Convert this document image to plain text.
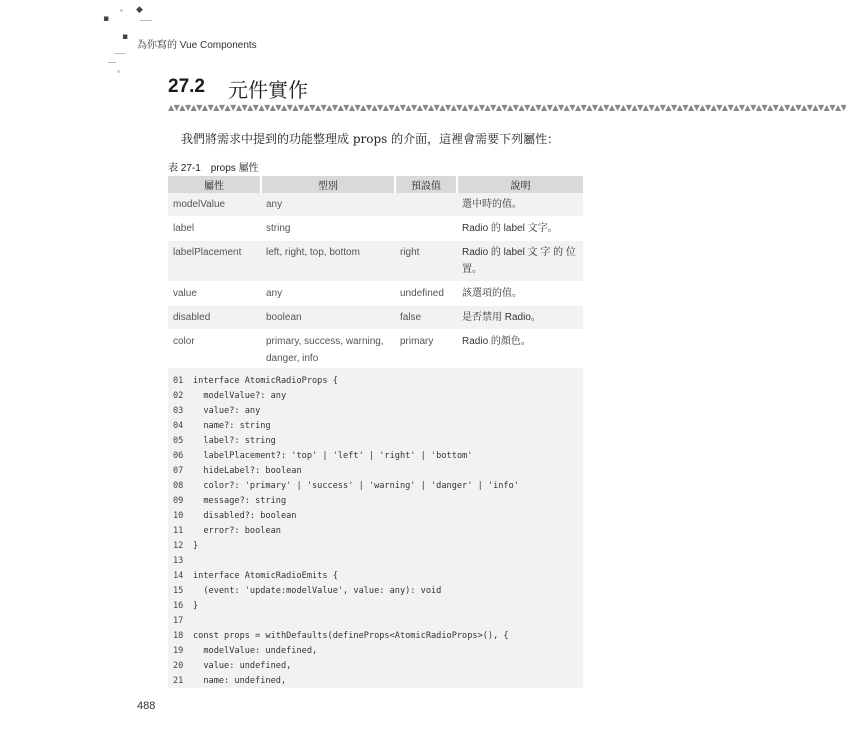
◆
▪
▪
為你寫的 Vue Components
27.2 元件實作
▲▼▲▼▲▼▲▼▲▼▲▼▲▼▲▼▲▼▲▼▲▼▲▼▲▼▲▼▲▼▲▼▲▼▲▼▲▼▲▼▲▼▲▼▲▼▲▼▲▼▲▼▲▼▲▼▲▼▲▼▲▼▲▼▲▼▲▼▲▼▲▼▲▼▲▼▲▼▲▼▲▼▲▼▲▼▲▼▲▼▲▼▲▼▲▼▲▼▲▼▲▼▲▼▲▼▲▼▲▼▲▼▲▼▲▼▲▼▲▼
我們將需求中提到的功能整理成 props 的介面，這裡會需要下列屬性：
表 27-1　props 屬性
屬性	型別	預設值	說明
modelValue	any		選中時的值。
label	string		Radio 的 label 文字。
labelPlacement	left, right, top, bottom	right	Radio 的 label 文 字 的 位置。
value	any	undefined	該選項的值。
disabled	boolean	false	是否禁用 Radio。
color	primary, success, warning, danger, info	primary	Radio 的顏色。
01 interface AtomicRadioProps {
02  modelValue?: any
03  value?: any
04  name?: string
05  label?: string
06  labelPlacement?: 'top' | 'left' | 'right' | 'bottom'
07  hideLabel?: boolean
08  color?: 'primary' | 'success' | 'warning' | 'danger' | 'info'
09  message?: string
10  disabled?: boolean
11  error?: boolean
12 }
13
14 interface AtomicRadioEmits {
15  (event: 'update:modelValue', value: any): void
16 }
17
18 const props = withDefaults(defineProps<AtomicRadioProps>(), {
19  modelValue: undefined,
20  value: undefined,
21  name: undefined,
488
